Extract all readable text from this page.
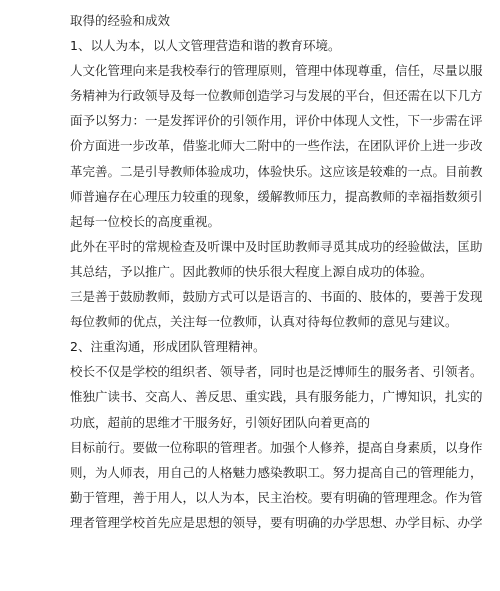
取得的经验和成效
1、以人为本，以人文管理营造和谐的教育环境。
人文化管理向来是我校奉行的管理原则，管理中体现尊重，信任，尽量以服
务精神为行政领导及每一位教师创造学习与发展的平台，但还需在以下几方
面予以努力：一是发挥评价的引领作用，评价中体现人文性，下一步需在评
价方面进一步改革，借鉴北师大二附中的一些作法，在团队评价上进一步改
革完善。二是引导教师体验成功，体验快乐。这应该是较难的一点。目前教
师普遍存在心理压力较重的现象，缓解教师压力，提高教师的幸福指数须引
起每一位校长的高度重视。
此外在平时的常规检查及听课中及时匡助教师寻觅其成功的经验做法，匡助
其总结，予以推广。因此教师的快乐很大程度上源自成功的体验。
三是善于鼓励教师，鼓励方式可以是语言的、书面的、肢体的，要善于发现
每位教师的优点，关注每一位教师，认真对待每位教师的意见与建议。
2、注重沟通，形成团队管理精神。
校长不仅是学校的组织者、领导者，同时也是泛博师生的服务者、引领者。
惟独广读书、交高人、善反思、重实践，具有服务能力，广博知识，扎实的
功底，超前的思维才干服务好，引领好团队向着更高的
目标前行。要做一位称职的管理者。加强个人修养，提高自身素质，以身作
则，为人师表，用自己的人格魅力感染教职工。努力提高自己的管理能力，
勤于管理，善于用人，以人为本，民主治校。要有明确的管理理念。作为管
理者管理学校首先应是思想的领导，要有明确的办学思想、办学目标、办学
